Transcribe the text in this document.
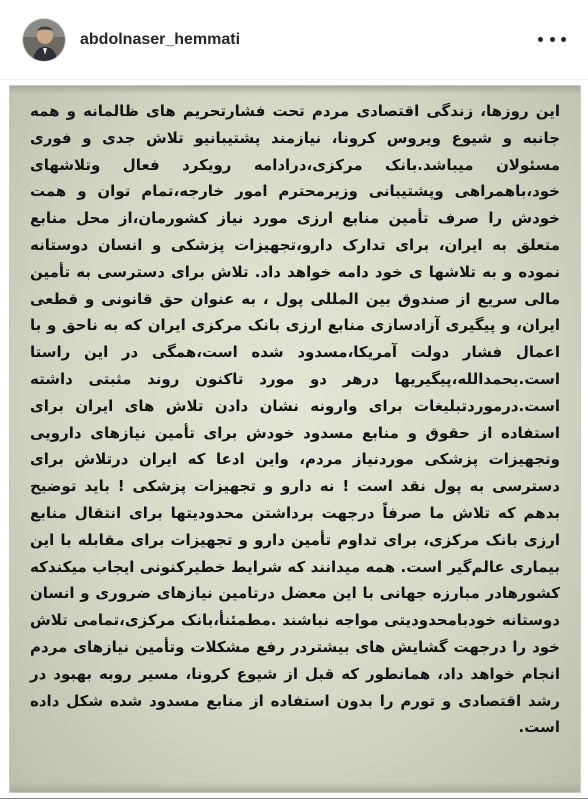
abdolnaser_hemmati

این روزها، زندگی اقتصادی مردم تحت فشارتحریم های ظالمانه و همه جانبه و شیوع ویروس کرونا، نیازمند پشتیبانیو تلاش جدی و فوری مسئولان میباشد.بانک مرکزی،درادامه رویکرد فعال وتلاشهای خود،باهمراهی وپشتیبانی وزیرمحترم امور خارجه،تمام توان و همت خودش را صرف تأمین منابع ارزی مورد نیاز کشورمان،از محل منابع متعلق به ایران، برای تدارک دارو،تجهیزات پزشکی و انسان دوستانه نموده و به تلاشها ی خود دامه خواهد داد. تلاش برای دسترسی به تأمین مالی سریع از صندوق بین المللی پول ، به عنوان حق قانونی و قطعی ایران، و پیگیری آزادسازی منابع ارزی بانک مرکزی ایران که به ناحق و با اعمال فشار دولت آمریکا،مسدود شده است،همگی در این راستا است.بحمدالله،پیگیریها درهر دو مورد تاکنون روند مثبتی داشته است.درموردتبلیغات برای وارونه نشان دادن تلاش های ایران برای استفاده از حقوق و منابع مسدود خودش برای تأمین نیازهای دارویی وتجهیزات پزشکی موردنیاز مردم، واین ادعا که ایران درتلاش برای دسترسی به پول نقد است ! نه دارو و تجهیزات پزشکی ! باید توضیح بدهم که تلاش ما صرفاً درجهت برداشتن محدودیتها برای انتقال منابع ارزی بانک مرکزی، برای تداوم تأمین دارو و تجهیزات برای مقابله با این بیماری عالم‌گیر است. همه میدانند که شرایط خطیرکنونی ایجاب میکندکه کشورهادر مبارزه جهانی با این معضل درتامین نیازهای ضروری و انسان دوستانه خودبامحدودیتی مواجه نباشند .مطمئنأ،بانک مرکزی،تمامی تلاش خود را درجهت گشایش های بیشتردر رفع مشکلات وتأمین نیازهای مردم انجام خواهد داد، همانطور که قبل از شیوع کرونا، مسیر روبه بهبود در رشد اقتصادی و تورم را بدون استفاده از منابع مسدود شده شکل داده است.
